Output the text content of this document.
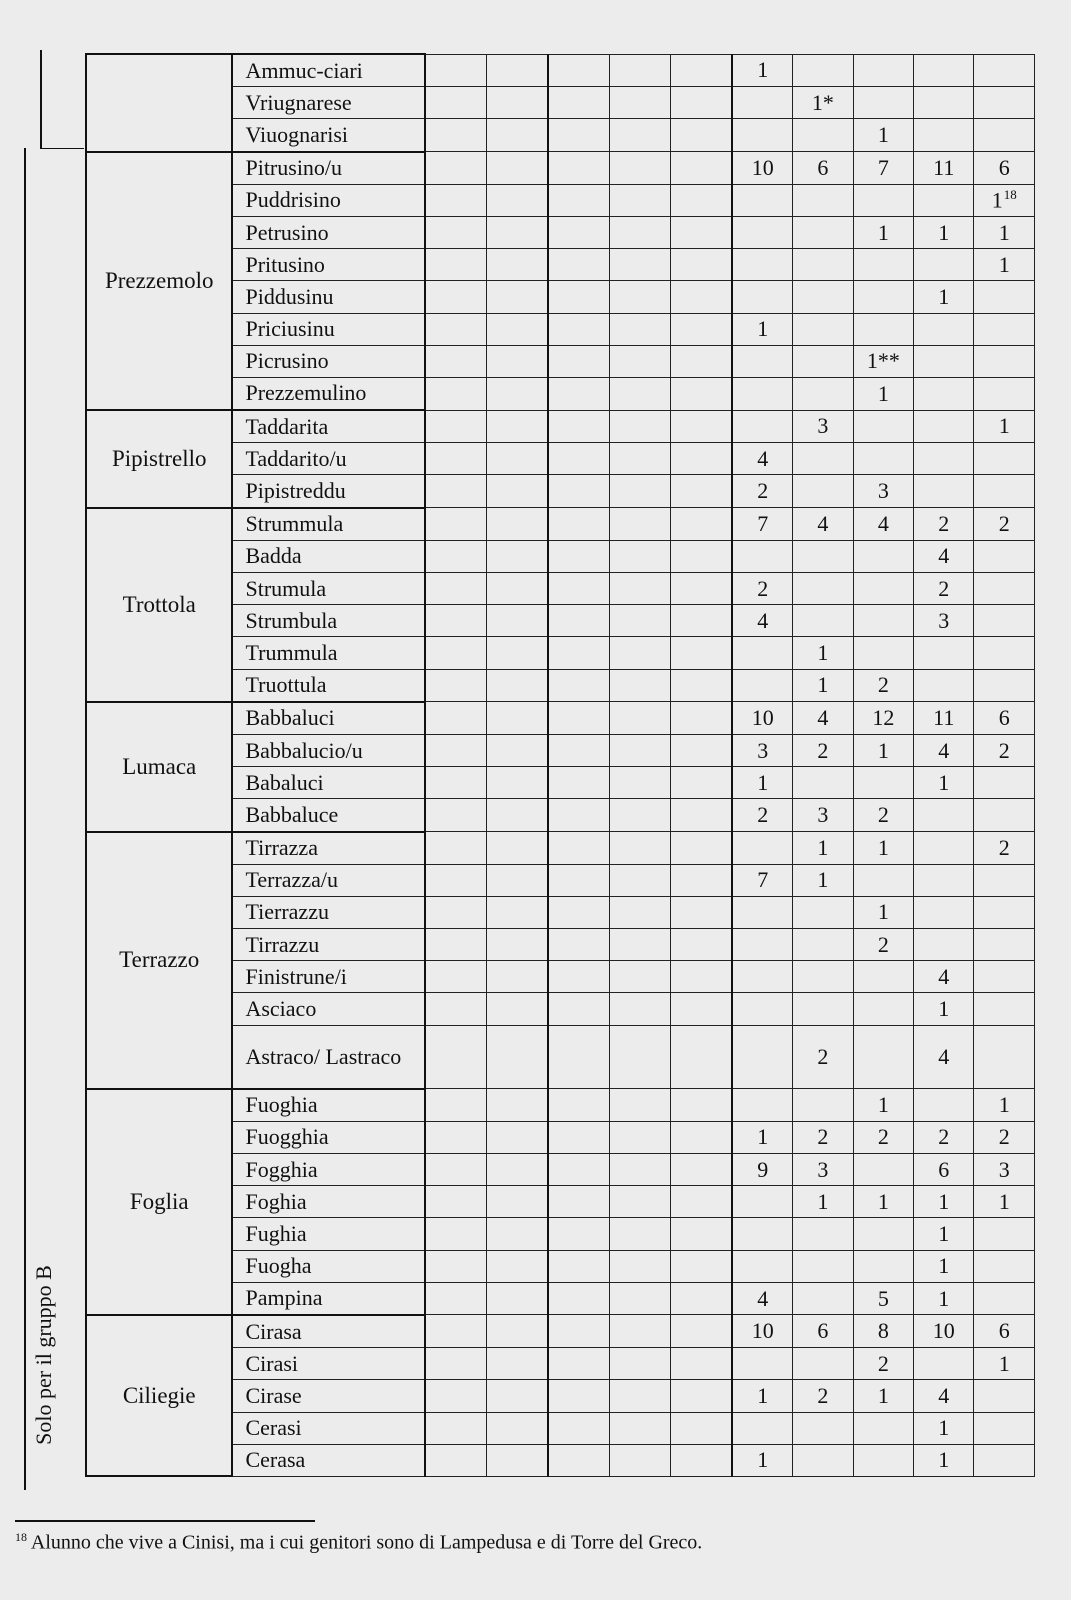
Solo per il gruppo B
	Ammuc-ciari						1				
	Vriugnarese							1*			
	Viuognarisi								1		
Prezzemolo	Pitrusino/u						10	6	7	11	6
	Puddrisino										1$^{18}$
	Petrusino								1	1	1
	Pritusino										1
	Piddusinu									1	
	Priciusinu						1				
	Picrusino								1**		
	Prezzemulino								1		
Pipistrello	Taddarita							3			1
	Taddarito/u						4				
	Pipistreddu						2		3		
Trottola	Strummula						7	4	4	2	2
	Badda									4	
	Strumula						2			2	
	Strumbula						4			3	
	Trummula							1			
	Truottula							1	2		
Lumaca	Babbaluci						10	4	12	11	6
	Babbalucio/u						3	2	1	4	2
	Babaluci						1			1	
	Babbaluce						2	3	2		
Terrazzo	Tirrazza							1	1		2
	Terrazza/u						7	1			
	Tierrazzu								1		
	Tirrazzu								2		
	Finistrune/i									4	
	Asciaco									1	
	Astraco/ Lastraco							2		4	
Foglia	Fuoghia								1		1
	Fuogghia						1	2	2	2	2
	Fogghia						9	3		6	3
	Foghia							1	1	1	1
	Fughia									1	
	Fuogha									1	
	Pampina						4		5	1	
Ciliegie	Cirasa						10	6	8	10	6
	Cirasi								2		1
	Cirase						1	2	1	4	
	Cerasi									1	
	Cerasa						1			1	
$^{18}$ Alunno che vive a Cinisi, ma i cui genitori sono di Lampedusa e di Torre del Greco.
